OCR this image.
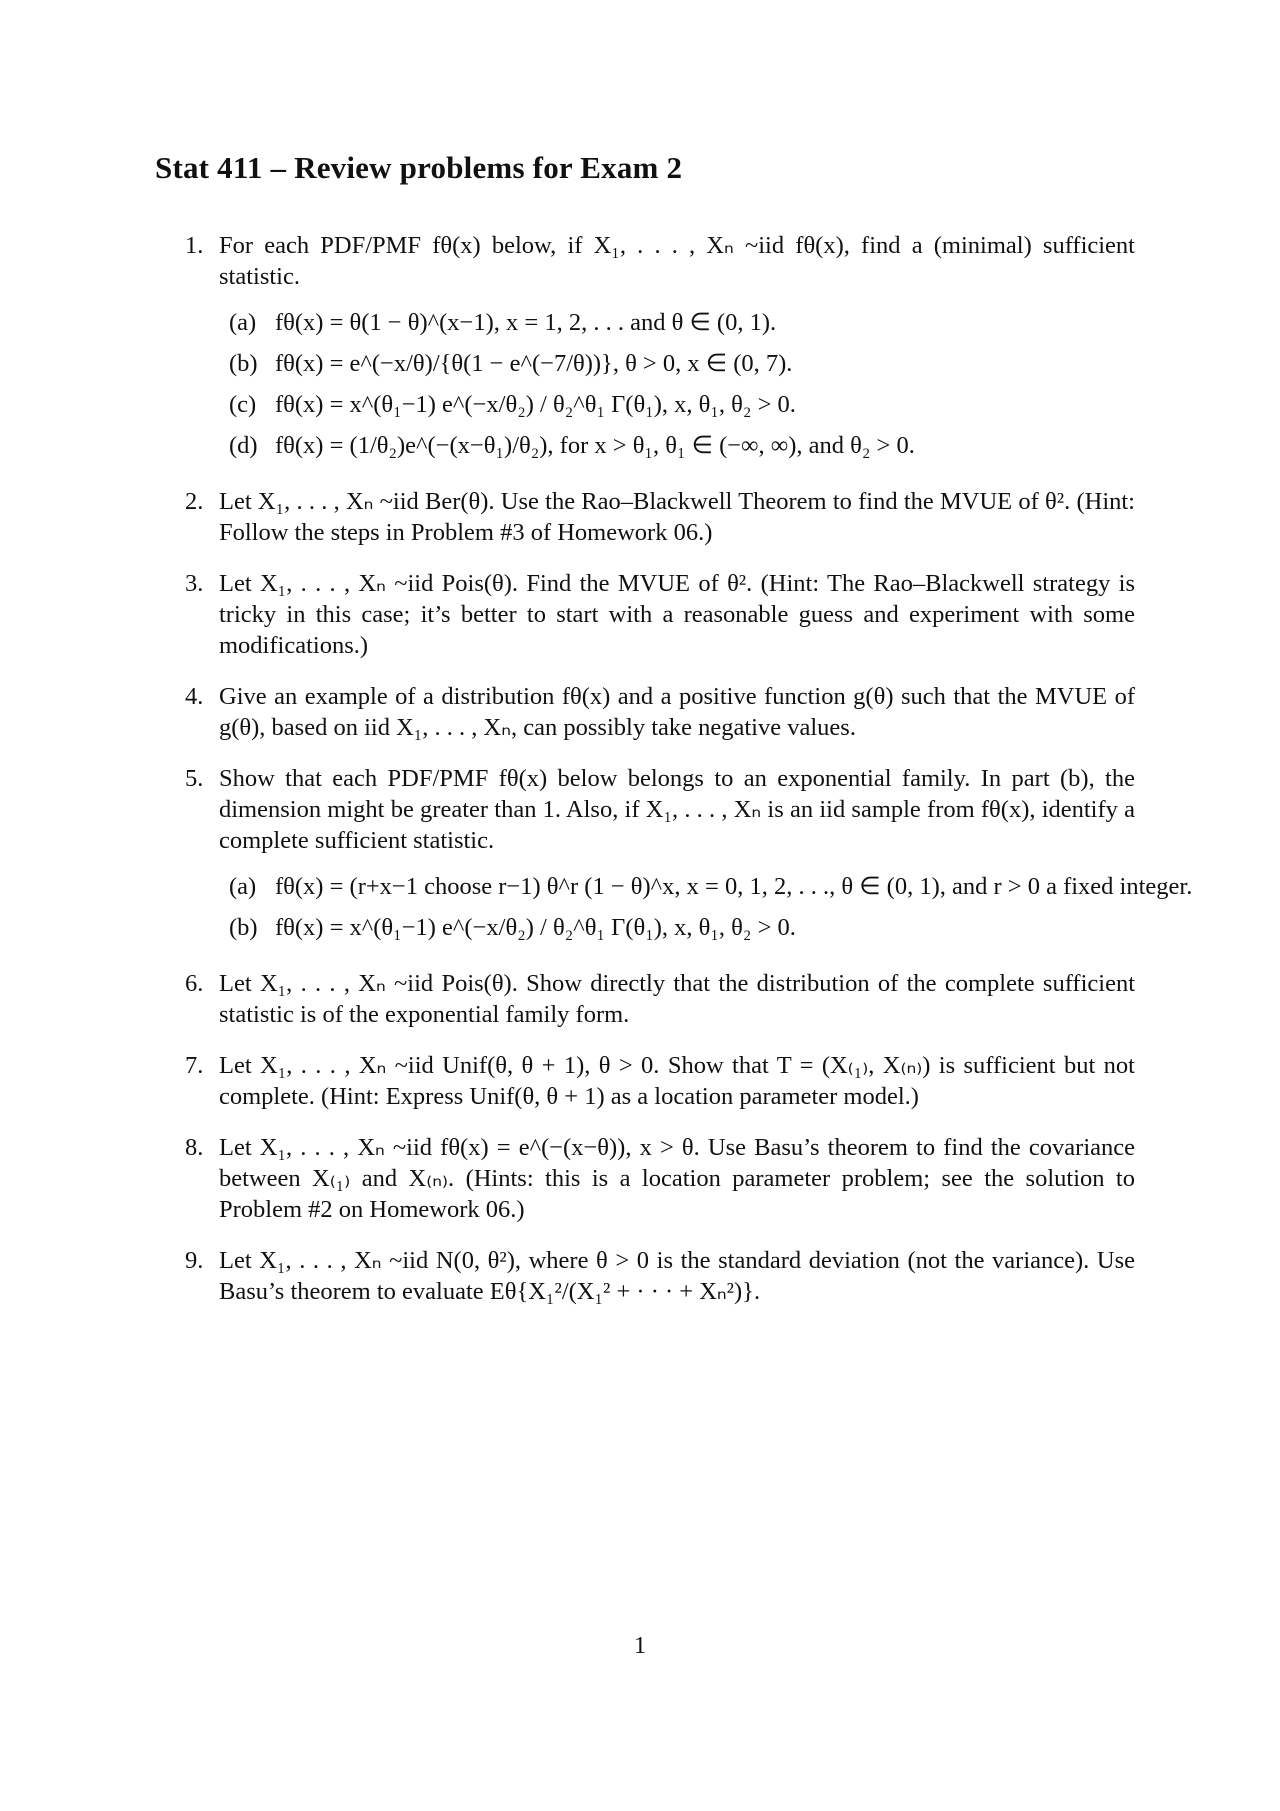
Stat 411 – Review problems for Exam 2
1. For each PDF/PMF fθ(x) below, if X₁, . . . , Xₙ ~iid fθ(x), find a (minimal) sufficient statistic.
(a) fθ(x) = θ(1 − θ)^(x−1), x = 1, 2, . . . and θ ∈ (0, 1).
(b) fθ(x) = e^(−x/θ)/{θ(1 − e^(−7/θ))}, θ > 0, x ∈ (0, 7).
(c) fθ(x) = x^(θ₁−1) e^(−x/θ₂) / θ₂^θ₁ Γ(θ₁), x, θ₁, θ₂ > 0.
(d) fθ(x) = (1/θ₂)e^(−(x−θ₁)/θ₂), for x > θ₁, θ₁ ∈ (−∞, ∞), and θ₂ > 0.
2. Let X₁, . . . , Xₙ ~iid Ber(θ). Use the Rao–Blackwell Theorem to find the MVUE of θ². (Hint: Follow the steps in Problem #3 of Homework 06.)
3. Let X₁, . . . , Xₙ ~iid Pois(θ). Find the MVUE of θ². (Hint: The Rao–Blackwell strategy is tricky in this case; it’s better to start with a reasonable guess and experiment with some modifications.)
4. Give an example of a distribution fθ(x) and a positive function g(θ) such that the MVUE of g(θ), based on iid X₁, . . . , Xₙ, can possibly take negative values.
5. Show that each PDF/PMF fθ(x) below belongs to an exponential family. In part (b), the dimension might be greater than 1. Also, if X₁, . . . , Xₙ is an iid sample from fθ(x), identify a complete sufficient statistic.
(a) fθ(x) = (r+x−1 choose r−1) θ^r (1 − θ)^x, x = 0, 1, 2, . . ., θ ∈ (0, 1), and r > 0 a fixed integer.
(b) fθ(x) = x^(θ₁−1) e^(−x/θ₂) / θ₂^θ₁ Γ(θ₁), x, θ₁, θ₂ > 0.
6. Let X₁, . . . , Xₙ ~iid Pois(θ). Show directly that the distribution of the complete sufficient statistic is of the exponential family form.
7. Let X₁, . . . , Xₙ ~iid Unif(θ, θ + 1), θ > 0. Show that T = (X₍₁₎, X₍ₙ₎) is sufficient but not complete. (Hint: Express Unif(θ, θ + 1) as a location parameter model.)
8. Let X₁, . . . , Xₙ ~iid fθ(x) = e^(−(x−θ)), x > θ. Use Basu’s theorem to find the covariance between X₍₁₎ and X₍ₙ₎. (Hints: this is a location parameter problem; see the solution to Problem #2 on Homework 06.)
9. Let X₁, . . . , Xₙ ~iid N(0, θ²), where θ > 0 is the standard deviation (not the variance). Use Basu’s theorem to evaluate Eθ{X₁²/(X₁² + · · · + Xₙ²)}.
1
